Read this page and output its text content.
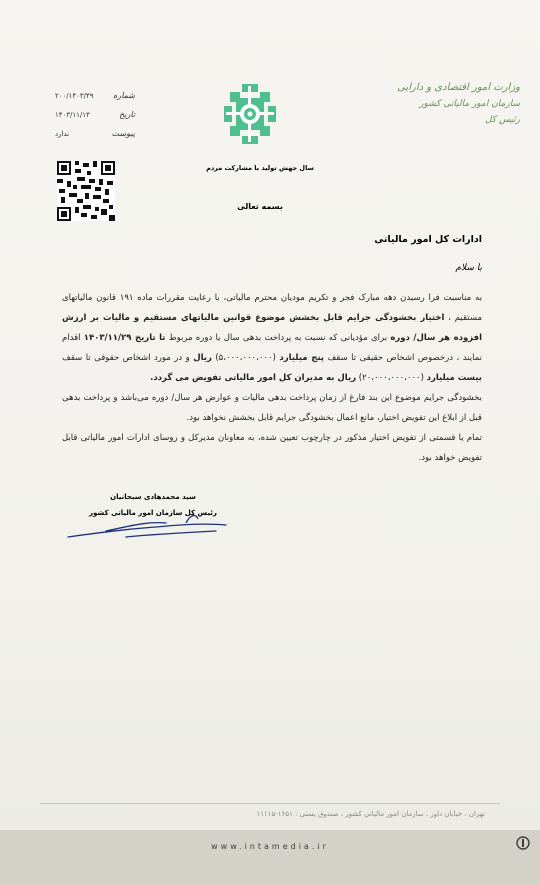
وزارت امور اقتصادی و دارایی
سازمان امور مالیاتی کشور
رئیس کل
شماره
۲۰۰/۱۴۰۳/۴۹
تاریخ
۱۴۰۳/۱۱/۱۳
پیوست
ندارد
سال جهش تولید با مشارکت مردم
بسمه تعالی
ادارات کل امور مالیاتی
با سلام

به مناسبت فرا رسیدن دهه مبارک فجر و تکریم مودیان محترم مالیاتی، با رعایت مقررات ماده ۱۹۱ قانون مالیاتهای مستقیم ، اختیار بخشودگی جرایم قابل بخشش موضوع قوانین مالیاتهای مستقیم و مالیات بر ارزش افزوده هر سال/ دوره برای مؤدیانی که نسبت به پرداخت بدهی سال یا دوره مربوط تا تاریخ ۱۴۰۳/۱۱/۲۹ اقدام نمایند ، درخصوص اشخاص حقیقی تا سقف پنج میلیارد (۵،۰۰۰،۰۰۰،۰۰۰) ریال و در مورد اشخاص حقوقی تا سقف بیست میلیارد (۲۰،۰۰۰،۰۰۰،۰۰۰) ریال به مدیران کل امور مالیاتی تفویض می گردد.

بخشودگی جرایم موضوع این بند فارغ از زمان پرداخت بدهی مالیات و عوارض هر سال/ دوره می‌باشد و پرداخت بدهی قبل از ابلاغ این تفویض اختیار، مانع اعمال بخشودگی جرایم قابل بخشش نخواهد بود.

تمام یا قسمتی از تفویض اختیار مذکور در چارچوب تعیین شده، به معاونان مدیرکل و روسای ادارات امور مالیاتی قابل تفویض خواهد بود.

سید محمدهادی سبحانیان
رئیس کل سازمان امور مالیاتی کشور
تهران ، خیابان داور ، سازمان امور مالیاتی کشور ، صندوق پستی : ۱۶۵۱-۱۱۱۱۵
www.intamedia.ir
